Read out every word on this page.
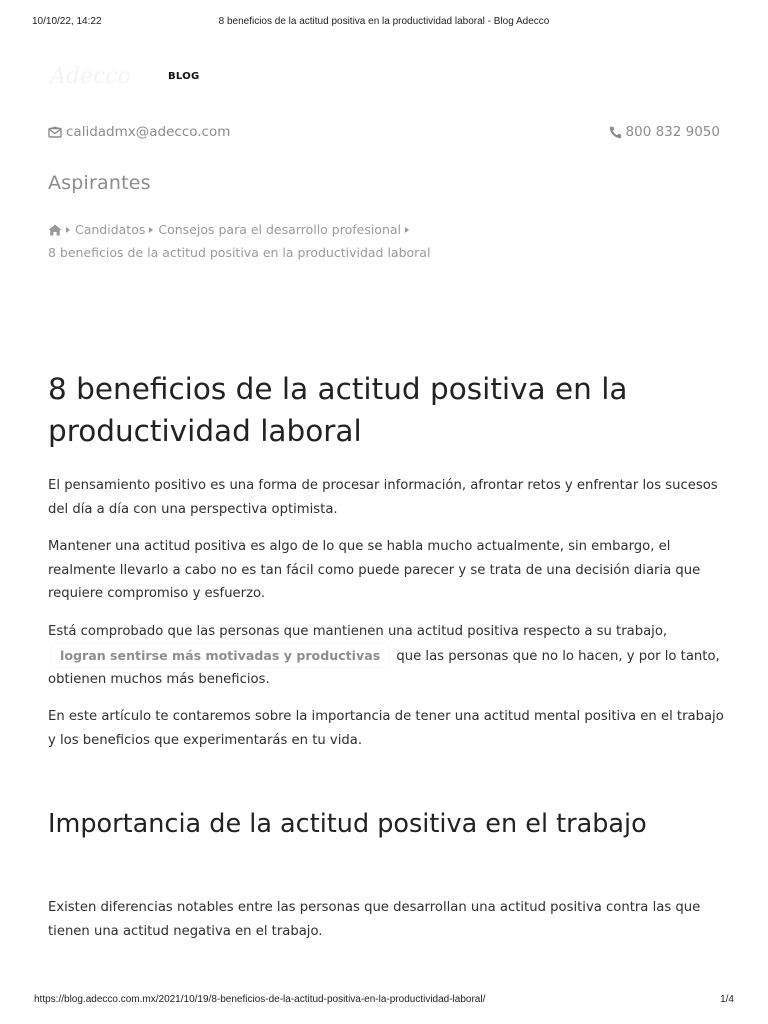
10/10/22, 14:22	8 beneficios de la actitud positiva en la productividad laboral - Blog Adecco
Adecco	BLOG
calidadmx@adecco.com	800 832 9050
Aspirantes
Candidatos Consejos para el desarrollo profesional
8 beneficios de la actitud positiva en la productividad laboral
8 beneficios de la actitud positiva en la productividad laboral

El pensamiento positivo es una forma de procesar información, afrontar retos y enfrentar los sucesos del día a día con una perspectiva optimista.

Mantener una actitud positiva es algo de lo que se habla mucho actualmente, sin embargo, el realmente llevarlo a cabo no es tan fácil como puede parecer y se trata de una decisión diaria que requiere compromiso y esfuerzo.

Está comprobado que las personas que mantienen una actitud positiva respecto a su trabajo,
logran sentirse más motivadas y productivas que las personas que no lo hacen, y por lo tanto, obtienen muchos más beneficios.

En este artículo te contaremos sobre la importancia de tener una actitud mental positiva en el trabajo y los beneficios que experimentarás en tu vida.

Importancia de la actitud positiva en el trabajo

Existen diferencias notables entre las personas que desarrollan una actitud positiva contra las que tienen una actitud negativa en el trabajo.

https://blog.adecco.com.mx/2021/10/19/8-beneficios-de-la-actitud-positiva-en-la-productividad-laboral/	1/4
